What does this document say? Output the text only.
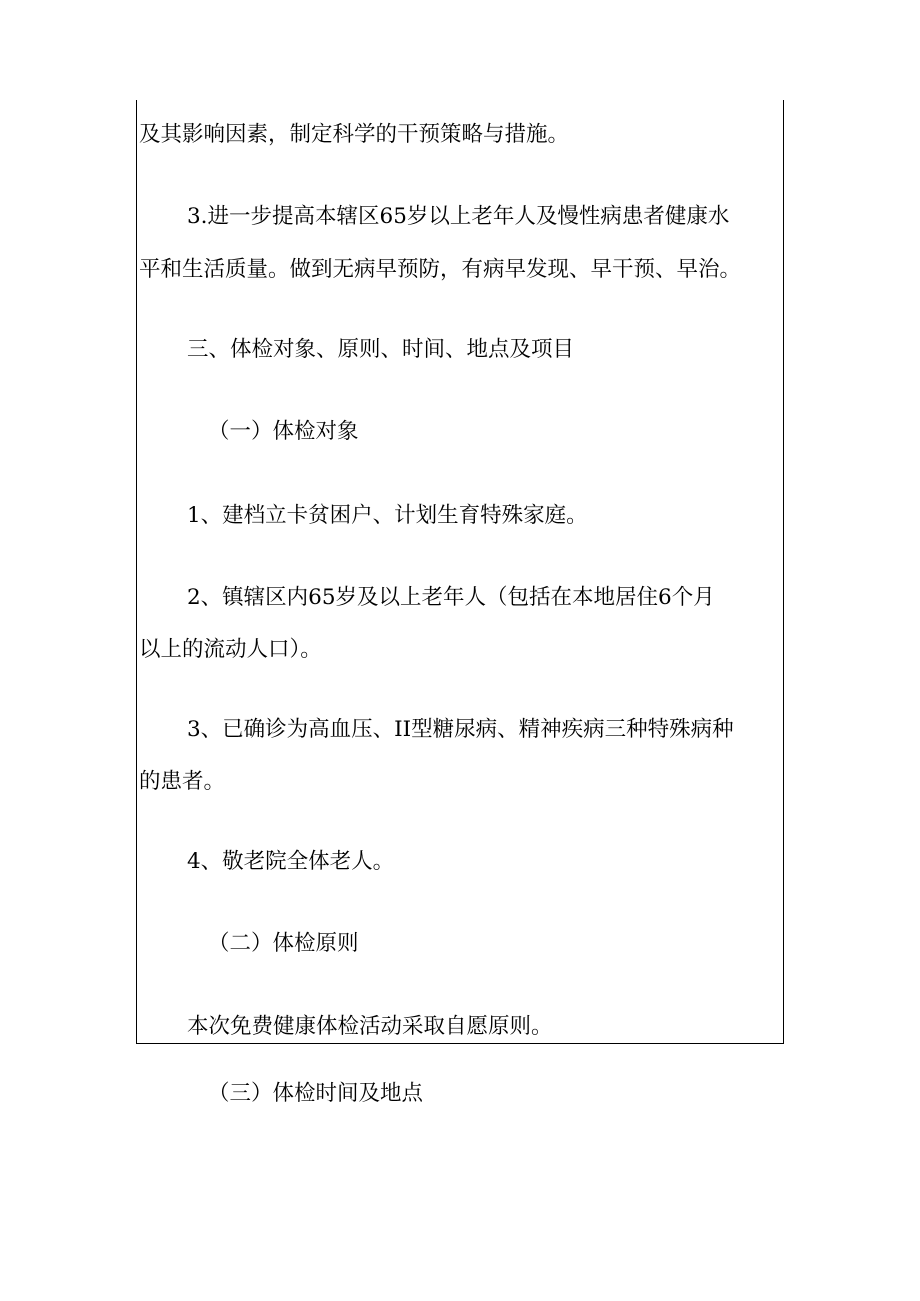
及其影响因素，制定科学的干预策略与措施。
3.进一步提高本辖区65岁以上老年人及慢性病患者健康水
平和生活质量。做到无病早预防，有病早发现、早干预、早治。
三、体检对象、原则、时间、地点及项目
（一）体检对象
1、建档立卡贫困户、计划生育特殊家庭。
2、镇辖区内65岁及以上老年人（包括在本地居住6个月
以上的流动人口）。
3、已确诊为高血压、II型糖尿病、精神疾病三种特殊病种
的患者。
4、敬老院全体老人。
（二）体检原则
本次免费健康体检活动采取自愿原则。
（三）体检时间及地点
